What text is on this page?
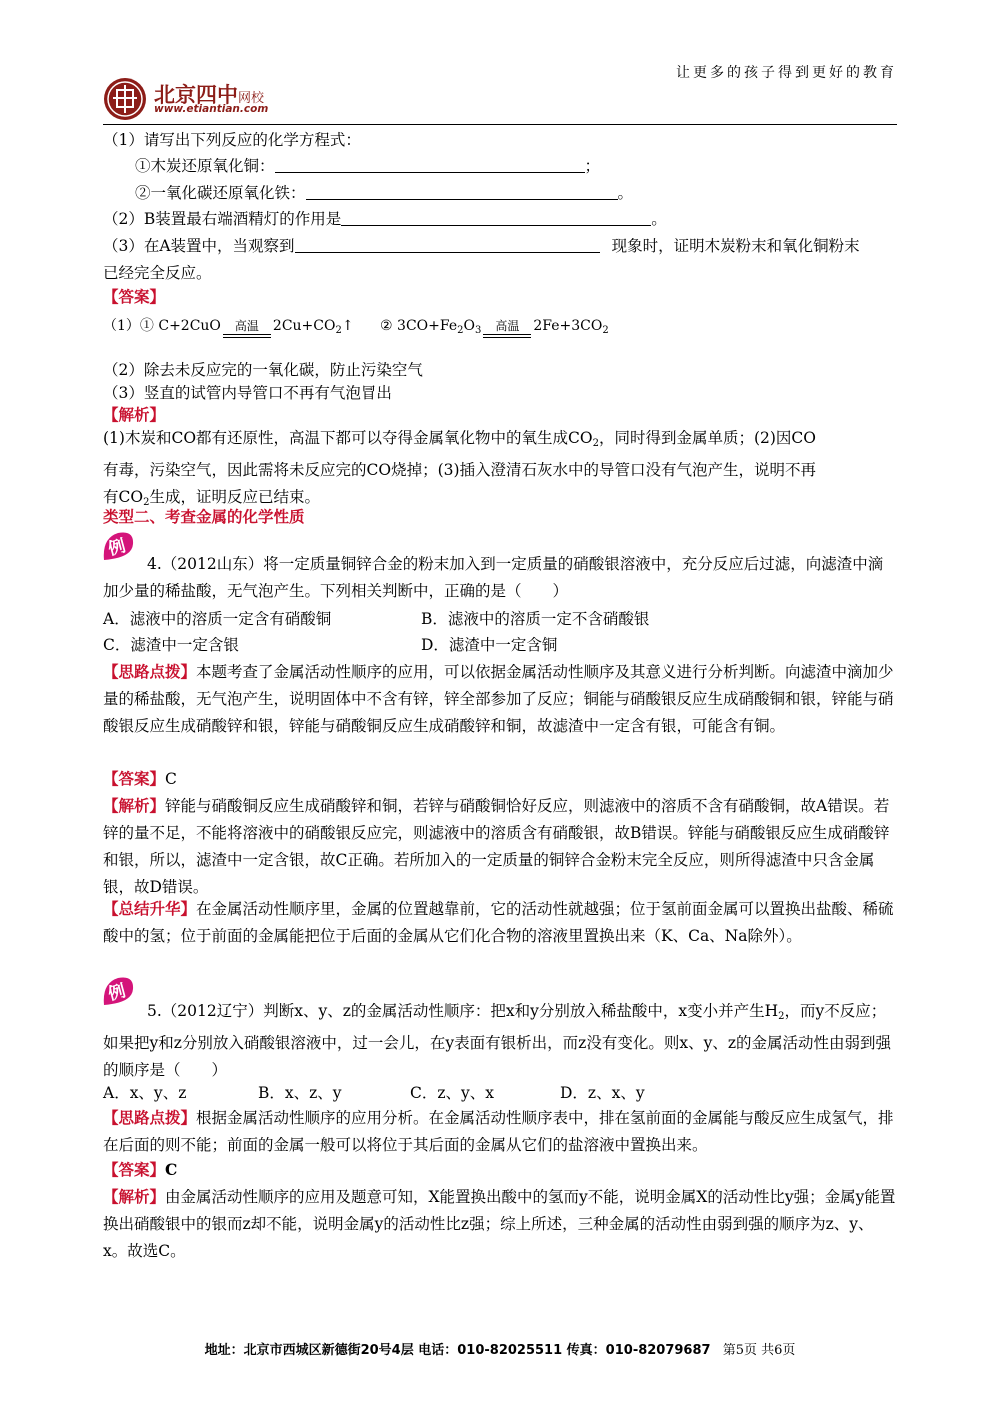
让更多的孩子得到更好的教育
北京四中网校
www.etiantian.com
（1）请写出下列反应的化学方程式：
①木炭还原氧化铜：	；
②一氧化碳还原氧化铁：	。
（2）B装置最右端酒精灯的作用是	。
（3）在A装置中，当观察到	现象时，证明木炭粉末和氧化铜粉末
已经完全反应。
【答案】
（1）① C+2CuO	高温	$2Cu+CO_2↑$ ② $3CO+Fe_2O_3$	高温	$2Fe+3CO_2$
（2）除去未反应完的一氧化碳，防止污染空气
（3）竖直的试管内导管口不再有气泡冒出
【解析】
(1)木炭和CO都有还原性，高温下都可以夺得金属氧化物中的氧生成$CO_2$，同时得到金属单质；(2)因CO
有毒，污染空气，因此需将未反应完的CO烧掉；(3)插入澄清石灰水中的导管口没有气泡产生，说明不再
有$CO_2$生成，证明反应已结束。
类型二、考查金属的化学性质
例
4.（2012山东）将一定质量铜锌合金的粉末加入到一定质量的硝酸银溶液中，充分反应后过滤，向滤渣中滴加少量的稀盐酸，无气泡产生。下列相关判断中，正确的是（　　）
A．滤液中的溶质一定含有硝酸铜	B．滤液中的溶质一定不含硝酸银
C．滤渣中一定含银	D．滤渣中一定含铜
【思路点拨】本题考查了金属活动性顺序的应用，可以依据金属活动性顺序及其意义进行分析判断。向滤渣中滴加少量的稀盐酸，无气泡产生，说明固体中不含有锌，锌全部参加了反应；铜能与硝酸银反应生成硝酸铜和银，锌能与硝酸银反应生成硝酸锌和银，锌能与硝酸铜反应生成硝酸锌和铜，故滤渣中一定含有银，可能含有铜。
【答案】C
【解析】锌能与硝酸铜反应生成硝酸锌和铜，若锌与硝酸铜恰好反应，则滤液中的溶质不含有硝酸铜，故A错误。若锌的量不足，不能将溶液中的硝酸银反应完，则滤液中的溶质含有硝酸银，故B错误。锌能与硝酸银反应生成硝酸锌和银，所以，滤渣中一定含银，故C正确。若所加入的一定质量的铜锌合金粉末完全反应，则所得滤渣中只含金属银，故D错误。
【总结升华】在金属活动性顺序里，金属的位置越靠前，它的活动性就越强；位于氢前面金属可以置换出盐酸、稀硫酸中的氢；位于前面的金属能把位于后面的金属从它们化合物的溶液里置换出来（K、Ca、Na除外）。
例
5.（2012辽宁）判断x、y、z的金属活动性顺序：把x和y分别放入稀盐酸中，x变小并产生$H_2$，而y不反应；如果把y和z分别放入硝酸银溶液中，过一会儿，在y表面有银析出，而z没有变化。则x、y、z的金属活动性由弱到强的顺序是（　　）
A．x、y、z	B．x、z、y	C．z、y、x	D．z、x、y
【思路点拨】根据金属活动性顺序的应用分析。在金属活动性顺序表中，排在氢前面的金属能与酸反应生成氢气，排在后面的则不能；前面的金属一般可以将位于其后面的金属从它们的盐溶液中置换出来。
【答案】C
【解析】由金属活动性顺序的应用及题意可知，X能置换出酸中的氢而y不能，说明金属X的活动性比y强；金属y能置换出硝酸银中的银而z却不能，说明金属y的活动性比z强；综上所述，三种金属的活动性由弱到强的顺序为z、y、x。故选C。
地址：北京市西城区新德街20号4层 电话：010-82025511 传真：010-82079687 第5页 共6页
